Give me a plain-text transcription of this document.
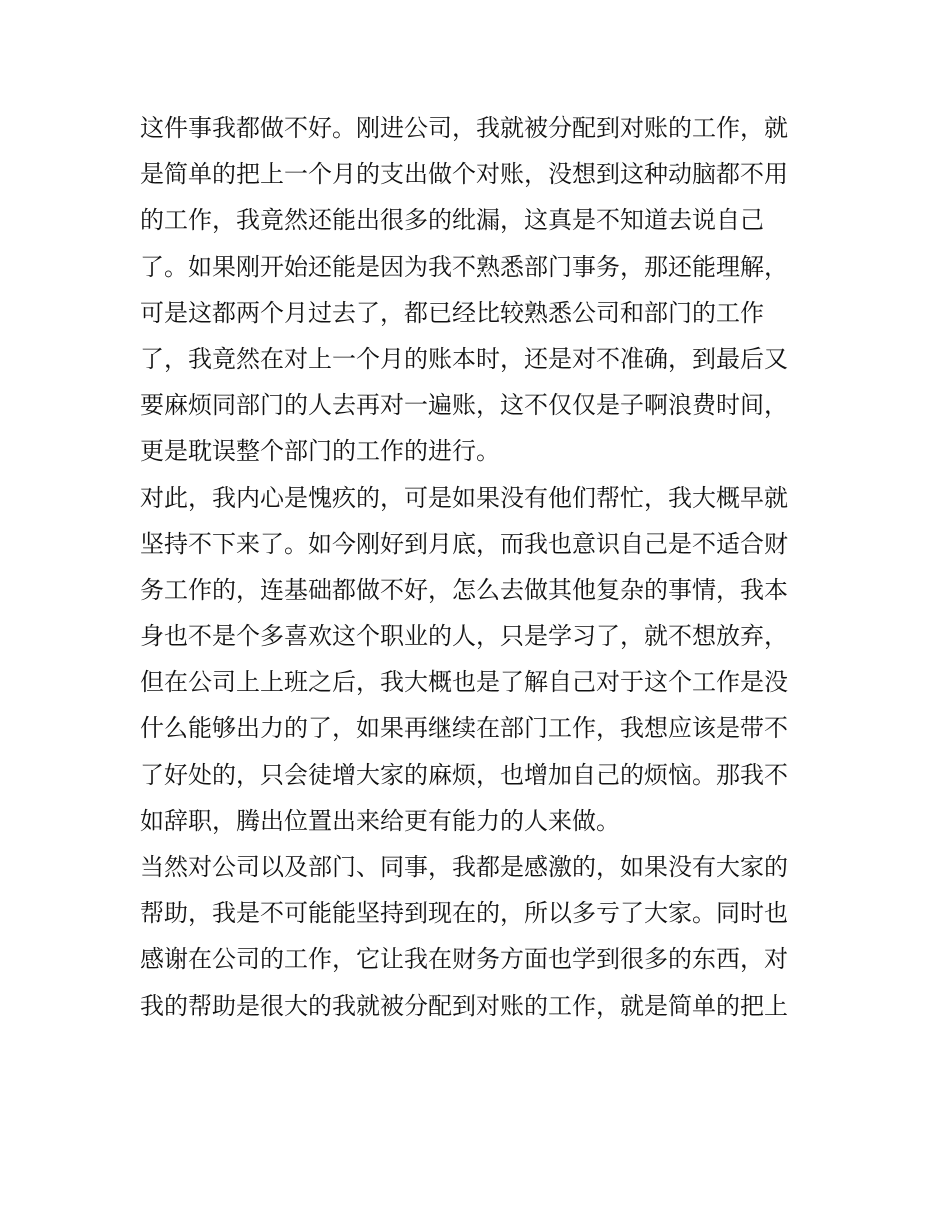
这件事我都做不好。刚进公司，我就被分配到对账的工作，就
是简单的把上一个月的支出做个对账，没想到这种动脑都不用
的工作，我竟然还能出很多的纰漏，这真是不知道去说自己
了。如果刚开始还能是因为我不熟悉部门事务，那还能理解，
可是这都两个月过去了，都已经比较熟悉公司和部门的工作
了，我竟然在对上一个月的账本时，还是对不准确，到最后又
要麻烦同部门的人去再对一遍账，这不仅仅是子啊浪费时间，
更是耽误整个部门的工作的进行。
对此，我内心是愧疚的，可是如果没有他们帮忙，我大概早就
坚持不下来了。如今刚好到月底，而我也意识自己是不适合财
务工作的，连基础都做不好，怎么去做其他复杂的事情，我本
身也不是个多喜欢这个职业的人，只是学习了，就不想放弃，
但在公司上上班之后，我大概也是了解自己对于这个工作是没
什么能够出力的了，如果再继续在部门工作，我想应该是带不
了好处的，只会徒增大家的麻烦，也增加自己的烦恼。那我不
如辞职，腾出位置出来给更有能力的人来做。
当然对公司以及部门、同事，我都是感激的，如果没有大家的
帮助，我是不可能能坚持到现在的，所以多亏了大家。同时也
感谢在公司的工作，它让我在财务方面也学到很多的东西，对
我的帮助是很大的我就被分配到对账的工作，就是简单的把上
